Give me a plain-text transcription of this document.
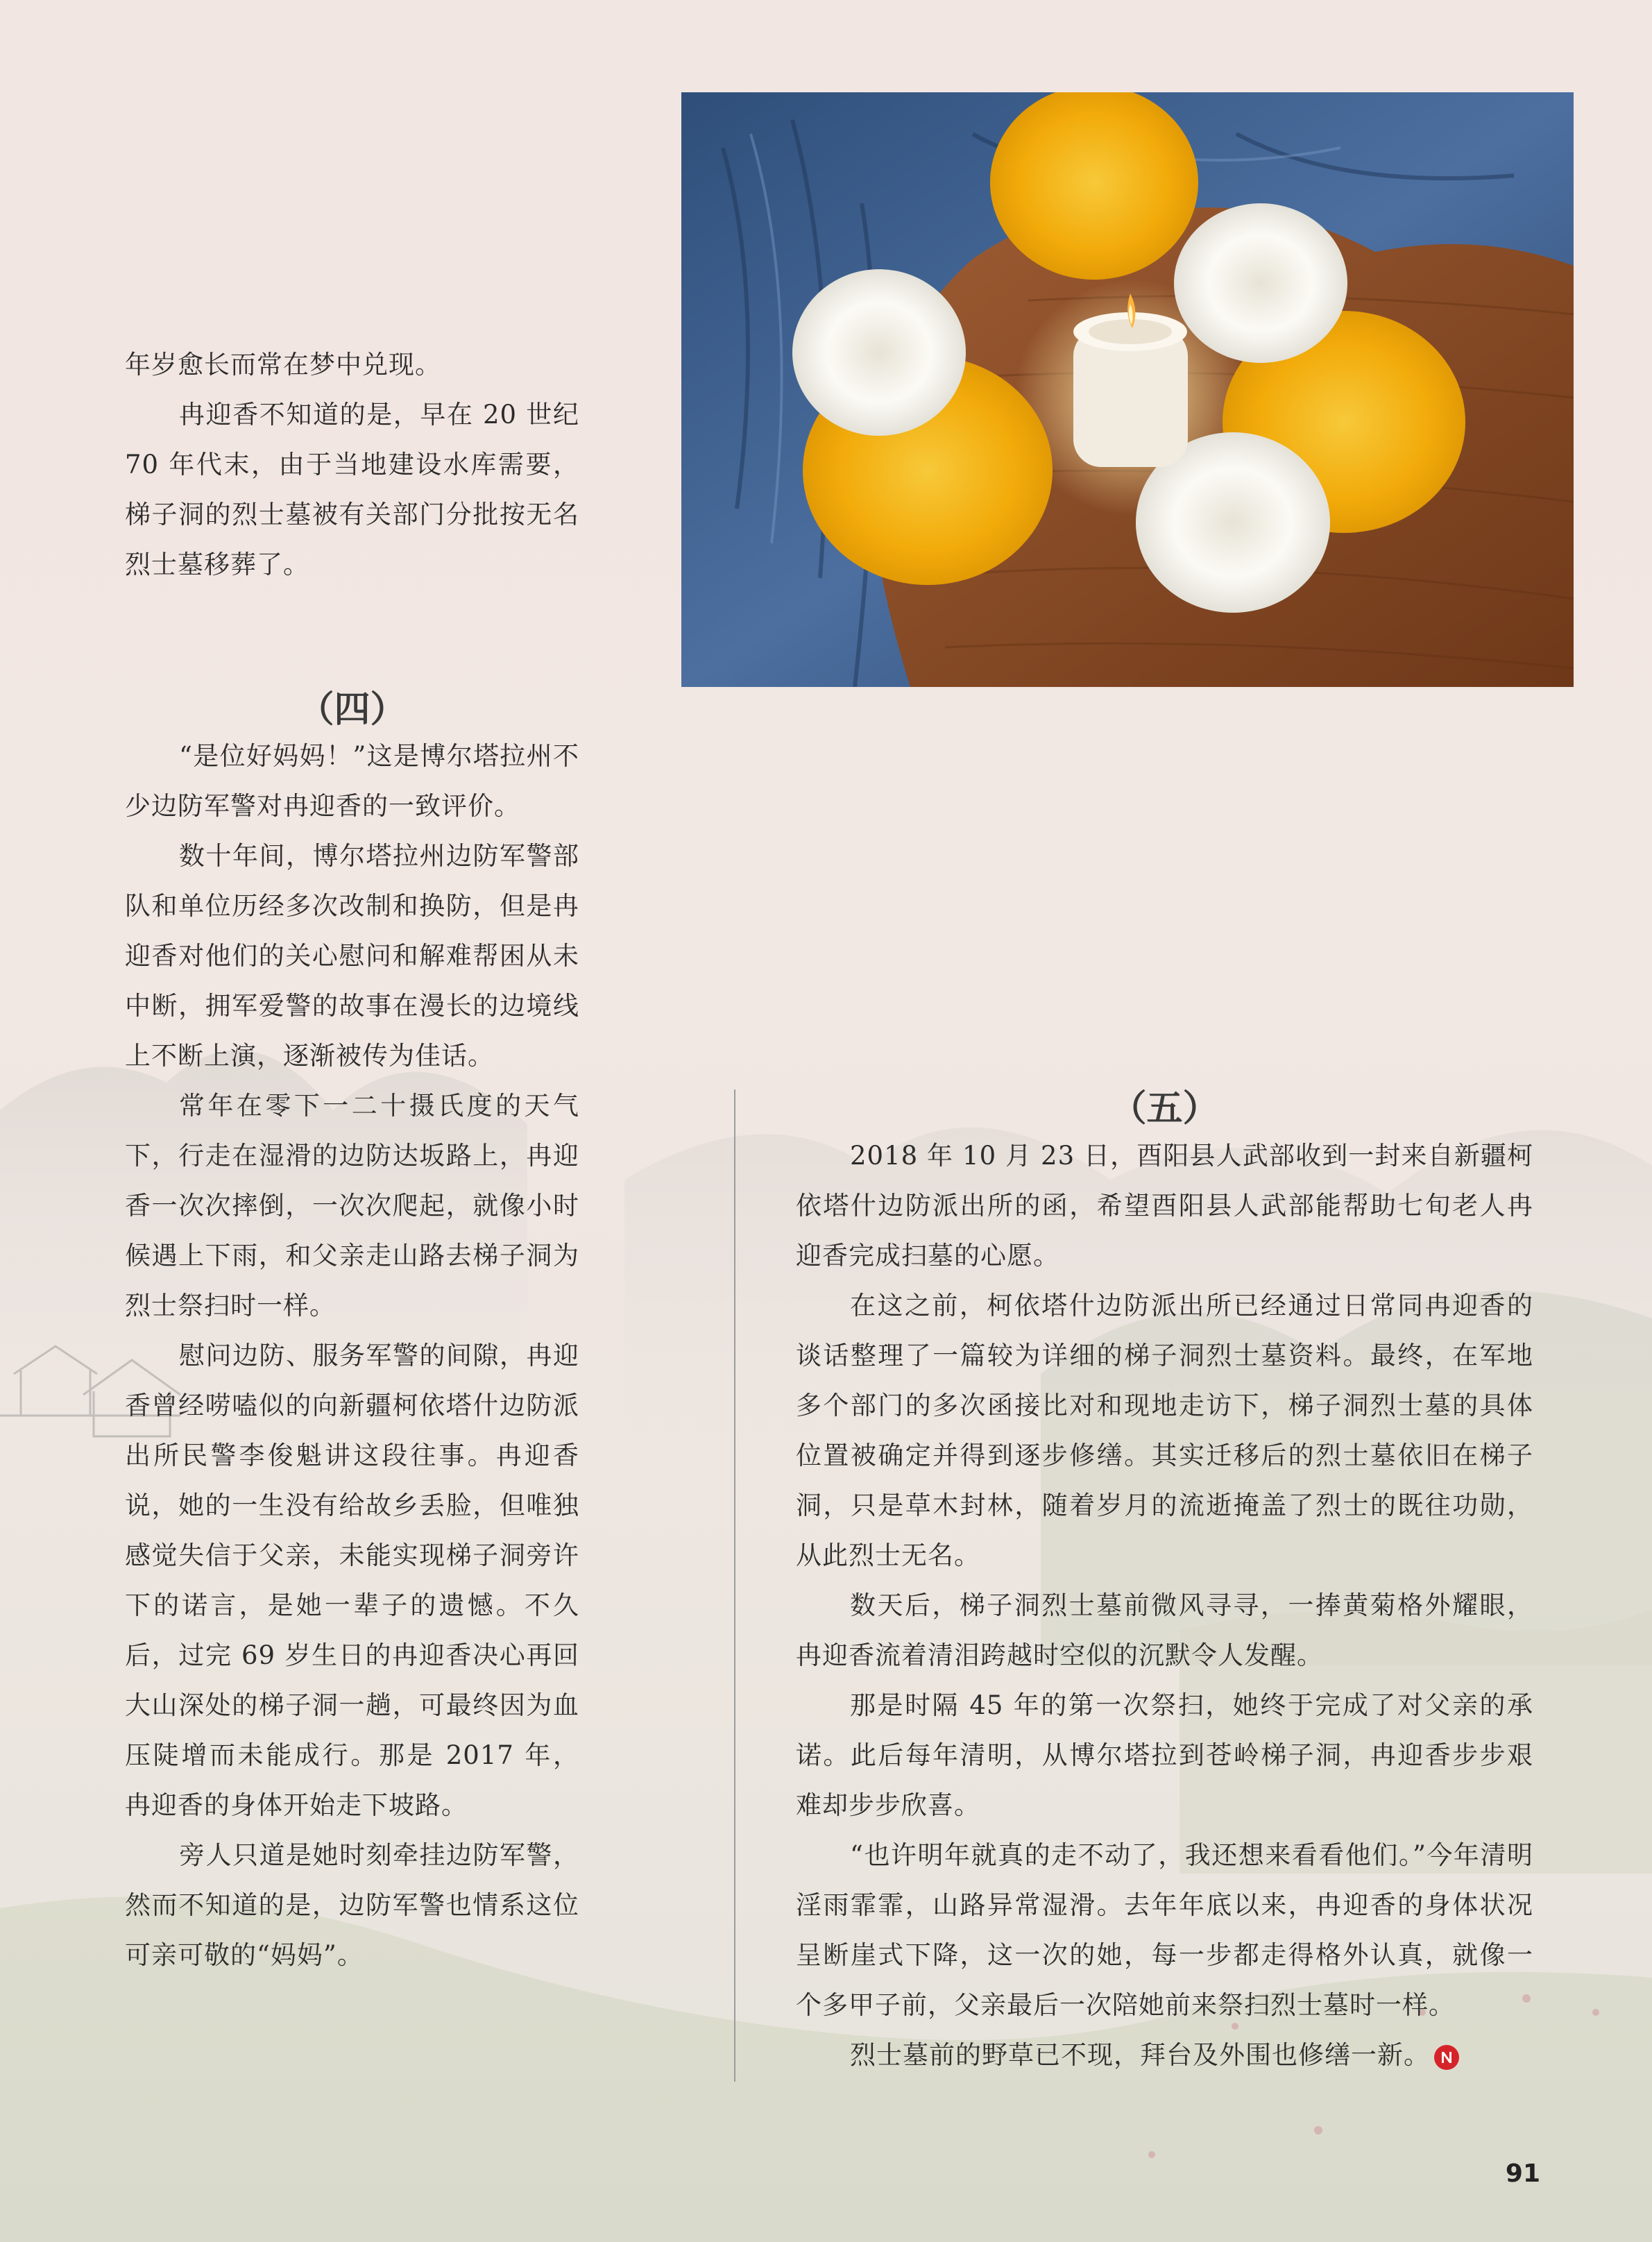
年岁愈长而常在梦中兑现。

冉迎香不知道的是，早在 20 世纪70 年代末，由于当地建设水库需要，梯子洞的烈士墓被有关部门分批按无名烈士墓移葬了。

（四）

“是位好妈妈！”这是博尔塔拉州不少边防军警对冉迎香的一致评价。

数十年间，博尔塔拉州边防军警部队和单位历经多次改制和换防，但是冉迎香对他们的关心慰问和解难帮困从未中断，拥军爱警的故事在漫长的边境线上不断上演，逐渐被传为佳话。

常年在零下一二十摄氏度的天气下，行走在湿滑的边防达坂路上，冉迎香一次次摔倒，一次次爬起，就像小时候遇上下雨，和父亲走山路去梯子洞为烈士祭扫时一样。

慰问边防、服务军警的间隙，冉迎香曾经唠嗑似的向新疆柯依塔什边防派出所民警李俊魁讲这段往事。冉迎香说，她的一生没有给故乡丢脸，但唯独感觉失信于父亲，未能实现梯子洞旁许下的诺言，是她一辈子的遗憾。不久后，过完 69 岁生日的冉迎香决心再回大山深处的梯子洞一趟，可最终因为血压陡增而未能成行。那是 2017 年，冉迎香的身体开始走下坡路。

旁人只道是她时刻牵挂边防军警，然而不知道的是，边防军警也情系这位可亲可敬的“妈妈”。

（五）

2018 年 10 月 23 日，酉阳县人武部收到一封来自新疆柯依塔什边防派出所的函，希望酉阳县人武部能帮助七旬老人冉迎香完成扫墓的心愿。

在这之前，柯依塔什边防派出所已经通过日常同冉迎香的谈话整理了一篇较为详细的梯子洞烈士墓资料。最终，在军地多个部门的多次函接比对和现地走访下，梯子洞烈士墓的具体位置被确定并得到逐步修缮。其实迁移后的烈士墓依旧在梯子洞，只是草木封林，随着岁月的流逝掩盖了烈士的既往功勋，从此烈士无名。

数天后，梯子洞烈士墓前微风寻寻，一捧黄菊格外耀眼，冉迎香流着清泪跨越时空似的沉默令人发醒。

那是时隔 45 年的第一次祭扫，她终于完成了对父亲的承诺。此后每年清明，从博尔塔拉到苍岭梯子洞，冉迎香步步艰难却步步欣喜。

“也许明年就真的走不动了，我还想来看看他们。”今年清明淫雨霏霏，山路异常湿滑。去年年底以来，冉迎香的身体状况呈断崖式下降，这一次的她，每一步都走得格外认真，就像一个多甲子前，父亲最后一次陪她前来祭扫烈士墓时一样。

烈士墓前的野草已不现，拜台及外围也修缮一新。

91
